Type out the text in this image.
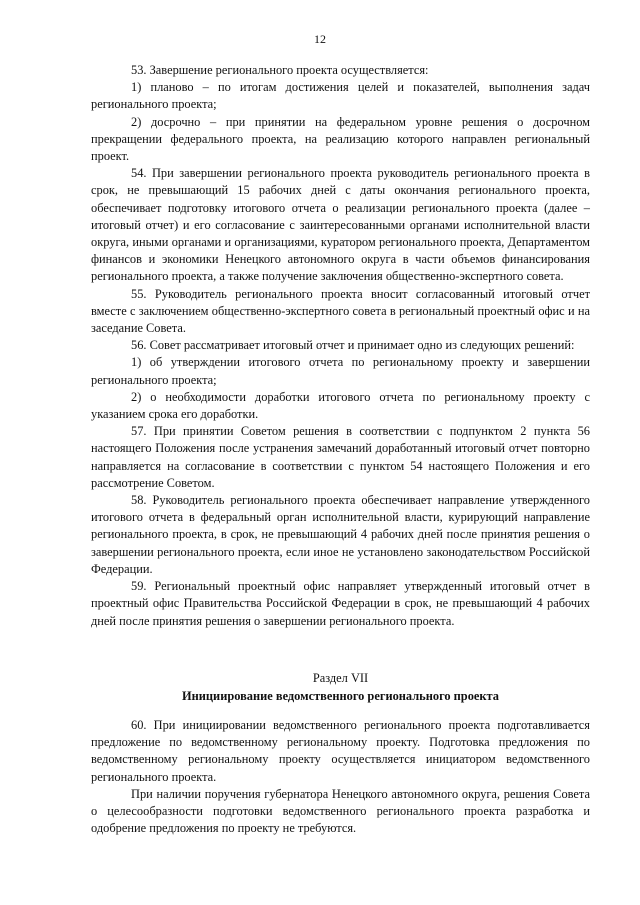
12

53. Завершение регионального проекта осуществляется:

1) планово – по итогам достижения целей и показателей, выполнения задач регионального проекта;

2) досрочно – при принятии на федеральном уровне решения о досрочном прекращении федерального проекта, на реализацию которого направлен региональный проект.

54. При завершении регионального проекта руководитель регионального проекта в срок, не превышающий 15 рабочих дней с даты окончания регионального проекта, обеспечивает подготовку итогового отчета о реализации регионального проекта (далее – итоговый отчет) и его согласование с заинтересованными органами исполнительной власти округа, иными органами и организациями, куратором регионального проекта, Департаментом финансов и экономики Ненецкого автономного округа в части объемов финансирования регионального проекта, а также получение заключения общественно-экспертного совета.

55. Руководитель регионального проекта вносит согласованный итоговый отчет вместе с заключением общественно-экспертного совета в региональный проектный офис и на заседание Совета.

56. Совет рассматривает итоговый отчет и принимает одно из следующих решений:

1) об утверждении итогового отчета по региональному проекту и завершении регионального проекта;

2) о необходимости доработки итогового отчета по региональному проекту с указанием срока его доработки.

57. При принятии Советом решения в соответствии с подпунктом 2 пункта 56 настоящего Положения после устранения замечаний доработанный итоговый отчет повторно направляется на согласование в соответствии с пунктом 54 настоящего Положения и его рассмотрение Советом.

58. Руководитель регионального проекта обеспечивает направление утвержденного итогового отчета в федеральный орган исполнительной власти, курирующий направление регионального проекта, в срок, не превышающий 4 рабочих дней после принятия решения о завершении регионального проекта, если иное не установлено законодательством Российской Федерации.

59. Региональный проектный офис направляет утвержденный итоговый отчет в проектный офис Правительства Российской Федерации в срок, не превышающий 4 рабочих дней после принятия решения о завершении регионального проекта.

Раздел VII
Инициирование ведомственного регионального проекта

60. При инициировании ведомственного регионального проекта подготавливается предложение по ведомственному региональному проекту. Подготовка предложения по ведомственному региональному проекту осуществляется инициатором ведомственного регионального проекта.

При наличии поручения губернатора Ненецкого автономного округа, решения Совета о целесообразности подготовки ведомственного регионального проекта разработка и одобрение предложения по проекту не требуются.
